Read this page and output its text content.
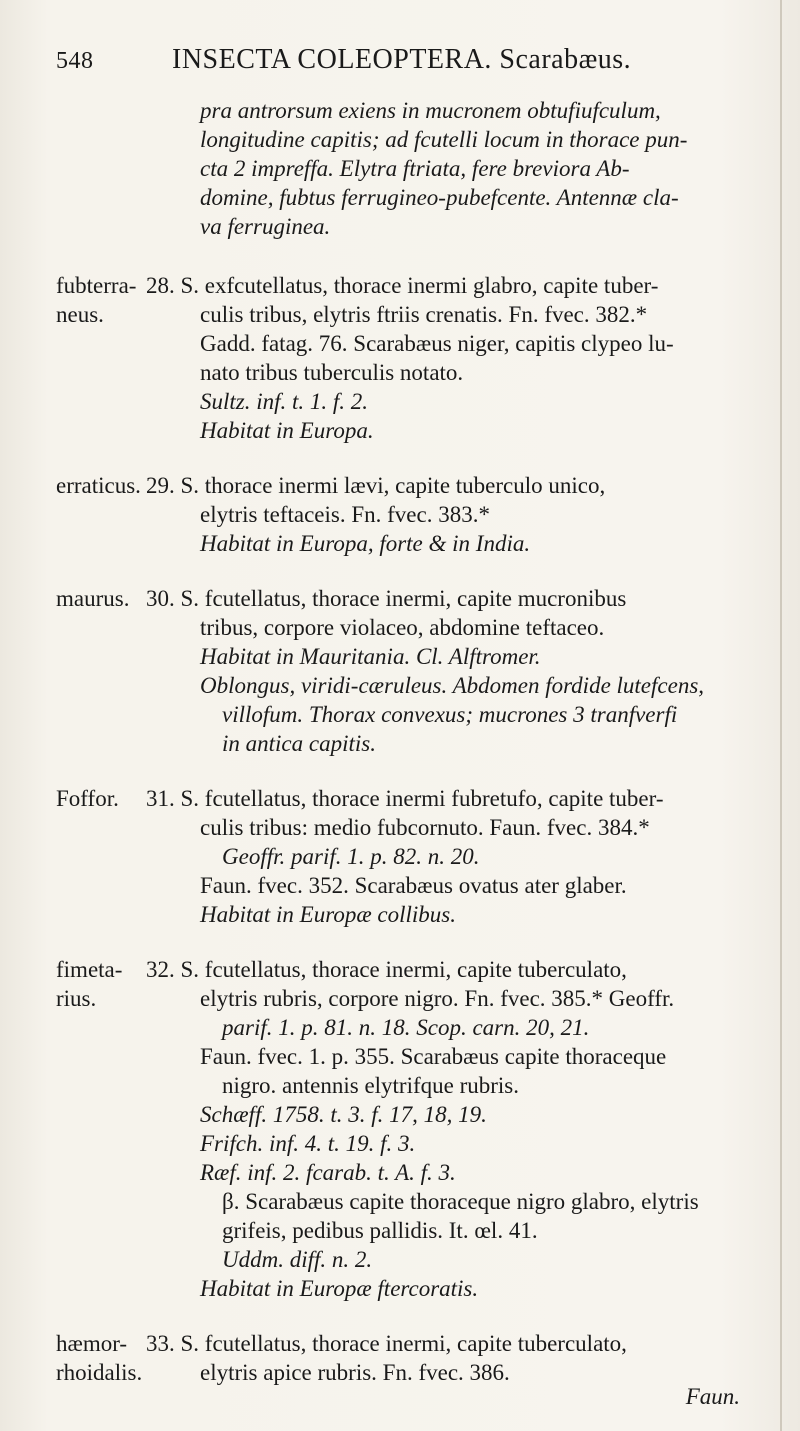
548	INSECTA COLEOPTERA. Scarabæus.
pra antrorsum exiens in mucronem obtufiufculum,
longitudine capitis; ad fcutelli locum in thorace pun-
cta 2 impreffa. Elytra ftriata, fere breviora Ab-
domine, fubtus ferrugineo-pubefcente. Antennæ cla-
va ferruginea.
fubterra-
neus.
28. S. exfcutellatus, thorace inermi glabro, capite tuber-
culis tribus, elytris ftriis crenatis. Fn. fvec. 382.*
Gadd. fatag. 76. Scarabæus niger, capitis clypeo lu-
nato tribus tuberculis notato.
Sultz. inf. t. 1. f. 2.
Habitat in Europa.
erraticus. 29. S. thorace inermi lævi, capite tuberculo unico,
elytris teftaceis. Fn. fvec. 383.*
Habitat in Europa, forte & in India.
maurus. 30. S. fcutellatus, thorace inermi, capite mucronibus
tribus, corpore violaceo, abdomine teftaceo.
Habitat in Mauritania. Cl. Alftromer.
Oblongus, viridi-cæruleus. Abdomen fordide lutefcens,
villofum. Thorax convexus; mucrones 3 tranfverfi
in antica capitis.
Foffor.	31. S. fcutellatus, thorace inermi fubretufo, capite tuber-
culis tribus: medio fubcornuto. Faun. fvec. 384.*
Geoffr. parif. 1. p. 82. n. 20.
Faun. fvec. 352. Scarabæus ovatus ater glaber.
Habitat in Europæ collibus.
fimeta-
rius.
32. S. fcutellatus, thorace inermi, capite tuberculato,
elytris rubris, corpore nigro. Fn. fvec. 385.* Geoffr.
parif. 1. p. 81. n. 18. Scop. carn. 20, 21.
Faun. fvec. 1. p. 355. Scarabæus capite thoraceque
nigro. antennis elytrifque rubris.
Schæff. 1758. t. 3. f. 17, 18, 19.
Frifch. inf. 4. t. 19. f. 3.
Ræf. inf. 2. fcarab. t. A. f. 3.
β. Scarabæus capite thoraceque nigro glabro, elytris
grifeis, pedibus pallidis. It. œl. 41.
Uddm. diff. n. 2.
Habitat in Europæ ftercoratis.
hæmor-
rhoidalis.
33. S. fcutellatus, thorace inermi, capite tuberculato,
elytris apice rubris. Fn. fvec. 386.
Faun.
